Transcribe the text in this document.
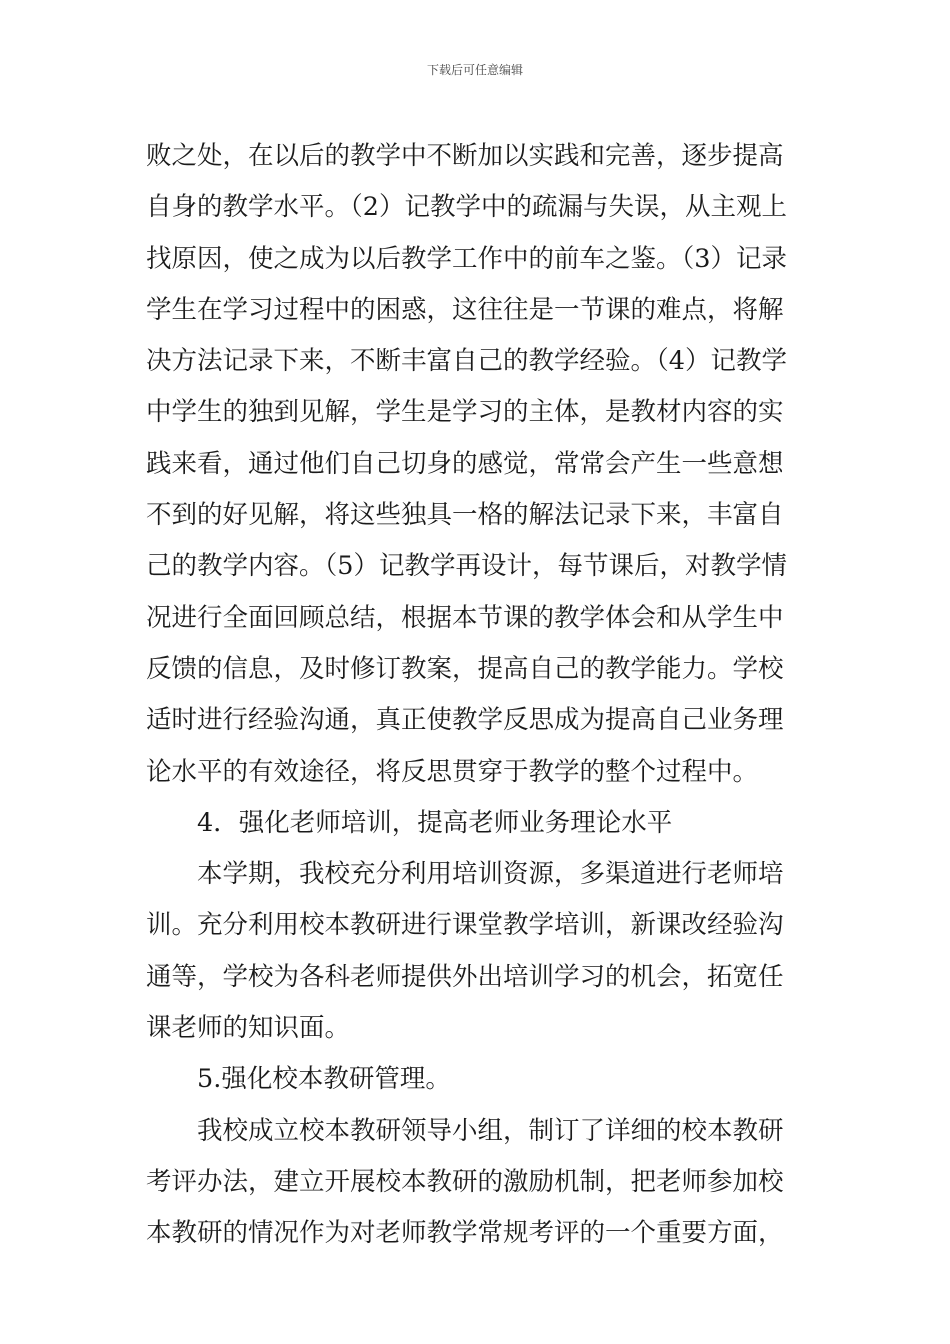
下载后可任意编辑
败之处，在以后的教学中不断加以实践和完善，逐步提高
自身的教学水平。（2）记教学中的疏漏与失误，从主观上
找原因，使之成为以后教学工作中的前车之鉴。（3）记录
学生在学习过程中的困惑，这往往是一节课的难点，将解
决方法记录下来，不断丰富自己的教学经验。（4）记教学
中学生的独到见解，学生是学习的主体，是教材内容的实
践来看，通过他们自己切身的感觉，常常会产生一些意想
不到的好见解，将这些独具一格的解法记录下来，丰富自
己的教学内容。（5）记教学再设计，每节课后，对教学情
况进行全面回顾总结，根据本节课的教学体会和从学生中
反馈的信息，及时修订教案，提高自己的教学能力。学校
适时进行经验沟通，真正使教学反思成为提高自己业务理
论水平的有效途径，将反思贯穿于教学的整个过程中。
4．强化老师培训，提高老师业务理论水平
本学期，我校充分利用培训资源，多渠道进行老师培
训。充分利用校本教研进行课堂教学培训，新课改经验沟
通等，学校为各科老师提供外出培训学习的机会，拓宽任
课老师的知识面。
5.强化校本教研管理。
我校成立校本教研领导小组，制订了详细的校本教研
考评办法，建立开展校本教研的激励机制，把老师参加校
本教研的情况作为对老师教学常规考评的一个重要方面，
